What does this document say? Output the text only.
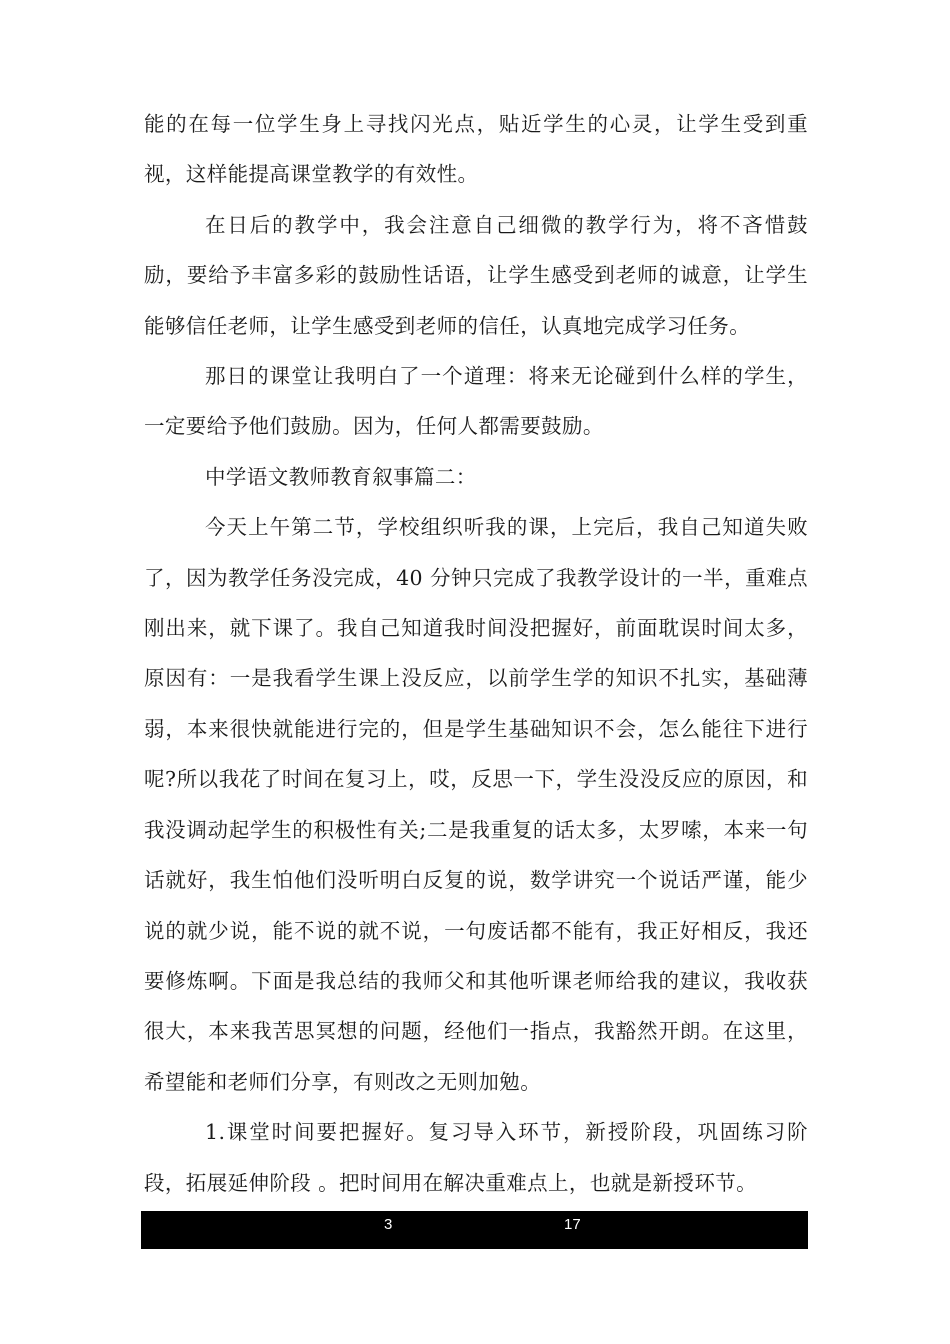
能的在每一位学生身上寻找闪光点，贴近学生的心灵，让学生受到重视，这样能提高课堂教学的有效性。

在日后的教学中，我会注意自己细微的教学行为，将不吝惜鼓励，要给予丰富多彩的鼓励性话语，让学生感受到老师的诚意，让学生能够信任老师，让学生感受到老师的信任，认真地完成学习任务。

那日的课堂让我明白了一个道理：将来无论碰到什么样的学生，一定要给予他们鼓励。因为，任何人都需要鼓励。

中学语文教师教育叙事篇二：

今天上午第二节，学校组织听我的课，上完后，我自己知道失败了，因为教学任务没完成，40 分钟只完成了我教学设计的一半，重难点刚出来，就下课了。我自己知道我时间没把握好，前面耽误时间太多，原因有：一是我看学生课上没反应，以前学生学的知识不扎实，基础薄弱，本来很快就能进行完的，但是学生基础知识不会，怎么能往下进行呢?所以我花了时间在复习上，哎，反思一下，学生没没反应的原因，和我没调动起学生的积极性有关;二是我重复的话太多，太罗嗦，本来一句话就好，我生怕他们没听明白反复的说，数学讲究一个说话严谨，能少说的就少说，能不说的就不说，一句废话都不能有，我正好相反，我还要修炼啊。下面是我总结的我师父和其他听课老师给我的建议，我收获很大，本来我苦思冥想的问题，经他们一指点，我豁然开朗。在这里，希望能和老师们分享，有则改之无则加勉。

1.课堂时间要把握好。复习导入环节，新授阶段，巩固练习阶段，拓展延伸阶段 。把时间用在解决重难点上，也就是新授环节。

3	17
